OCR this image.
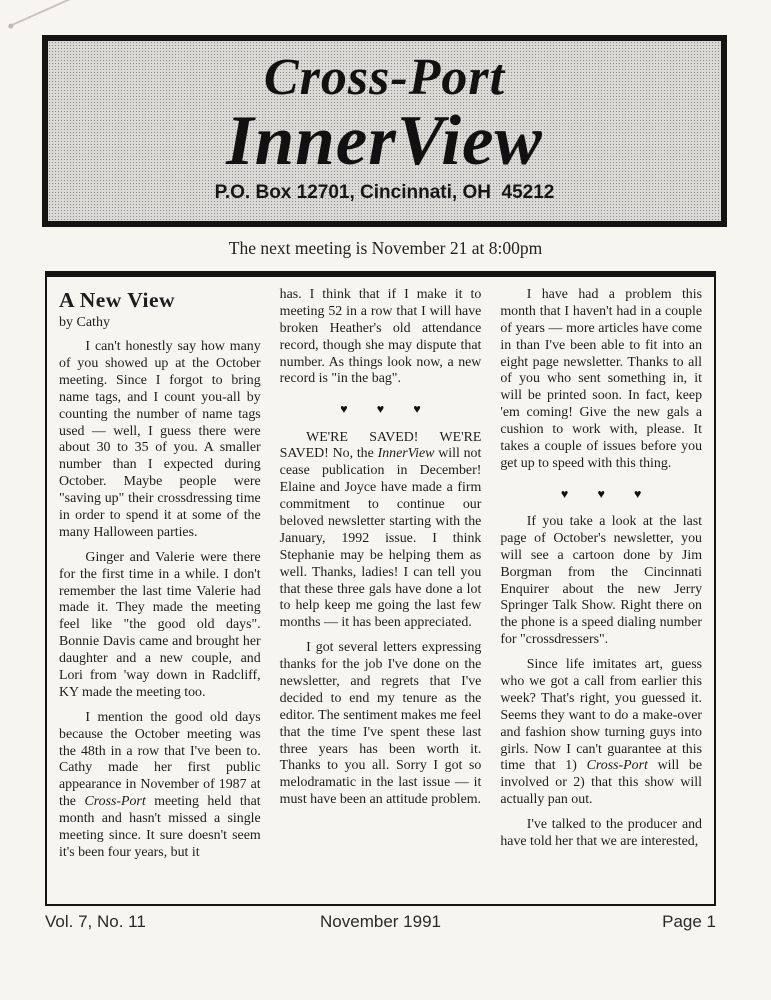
Cross-Port
InnerView
P.O. Box 12701, Cincinnati, OH  45212
The next meeting is November 21 at 8:00pm
A New View
by Cathy

I can't honestly say how many of you showed up at the October meeting. Since I forgot to bring name tags, and I count you-all by counting the number of name tags used — well, I guess there were about 30 to 35 of you. A smaller number than I expected during October. Maybe people were "saving up" their crossdressing time in order to spend it at some of the many Halloween parties.

Ginger and Valerie were there for the first time in a while. I don't remember the last time Valerie had made it. They made the meeting feel like "the good old days". Bonnie Davis came and brought her daughter and a new couple, and Lori from 'way down in Radcliff, KY made the meeting too.

I mention the good old days because the October meeting was the 48th in a row that I've been to. Cathy made her first public appearance in November of 1987 at the Cross-Port meeting held that month and hasn't missed a single meeting since. It sure doesn't seem it's been four years, but it

has. I think that if I make it to meeting 52 in a row that I will have broken Heather's old attendance record, though she may dispute that number. As things look now, a new record is "in the bag".

♥ ♥ ♥

WE'RE SAVED! WE'RE SAVED! No, the InnerView will not cease publication in December! Elaine and Joyce have made a firm commitment to continue our beloved newsletter starting with the January, 1992 issue. I think Stephanie may be helping them as well. Thanks, ladies! I can tell you that these three gals have done a lot to help keep me going the last few months — it has been appreciated.

I got several letters expressing thanks for the job I've done on the newsletter, and regrets that I've decided to end my tenure as the editor. The sentiment makes me feel that the time I've spent these last three years has been worth it. Thanks to you all. Sorry I got so melodramatic in the last issue — it must have been an attitude problem.

I have had a problem this month that I haven't had in a couple of years — more articles have come in than I've been able to fit into an eight page newsletter. Thanks to all of you who sent something in, it will be printed soon. In fact, keep 'em coming! Give the new gals a cushion to work with, please. It takes a couple of issues before you get up to speed with this thing.

♥ ♥ ♥

If you take a look at the last page of October's newsletter, you will see a cartoon done by Jim Borgman from the Cincinnati Enquirer about the new Jerry Springer Talk Show. Right there on the phone is a speed dialing number for "crossdressers".

Since life imitates art, guess who we got a call from earlier this week? That's right, you guessed it. Seems they want to do a make-over and fashion show turning guys into girls. Now I can't guarantee at this time that 1) Cross-Port will be involved or 2) that this show will actually pan out.

I've talked to the producer and have told her that we are interested,

November 1991
Vol. 7, No. 11	Page 1
